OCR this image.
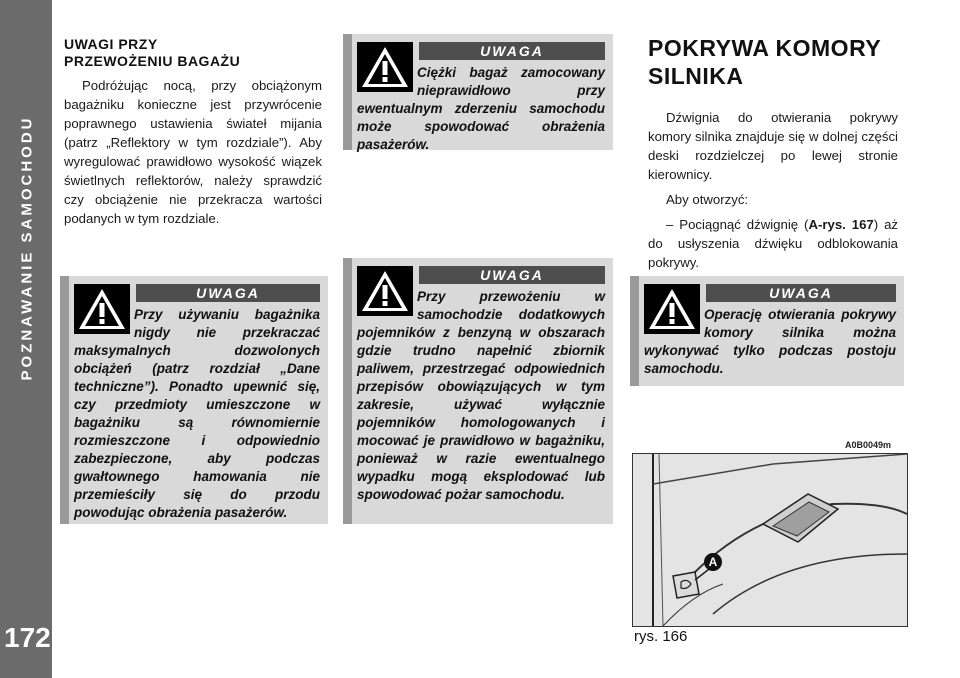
POZNAWANIE SAMOCHODU
172
UWAGI PRZY PRZEWOŻENIU BAGAŻU

Podróżując nocą, przy obciążonym bagażniku konieczne jest przywrócenie poprawnego ustawienia świateł mijania (patrz „Reflektory w tym rozdziale”). Aby wyregulować prawidłowo wysokość wiązek świetlnych reflektorów, należy sprawdzić czy obciążenie nie przekracza wartości podanych w tym rozdziale.

UWAGA
Ciężki bagaż zamocowany nieprawidłowo przy ewentualnym zderzeniu samochodu może spowodować obrażenia pasażerów.
UWAGA
Przy używaniu bagażnika nigdy nie przekraczać maksymalnych dozwolonych obciążeń (patrz rozdział „Dane techniczne”). Ponadto upewnić się, czy przedmioty umieszczone w bagażniku są równomiernie rozmieszczone i odpowiednio zabezpieczone, aby podczas gwałtownego hamowania nie przemieściły się do przodu powodując obrażenia pasażerów.
UWAGA
Przy przewożeniu w samochodzie dodatkowych pojemników z benzyną w obszarach gdzie trudno napełnić zbiornik paliwem, przestrzegać odpowiednich przepisów obowiązujących w tym zakresie, używać wyłącznie pojemników homologowanych i mocować je prawidłowo w bagażniku, ponieważ w razie ewentualnego wypadku mogą eksplodować lub spowodować pożar samochodu.
POKRYWA KOMORY SILNIKA

Dźwignia do otwierania pokrywy komory silnika znajduje się w dolnej części deski rozdzielczej po lewej stronie kierownicy.

Aby otworzyć:

– Pociągnąć dźwignię (A-rys. 167) aż do usłyszenia dźwięku odblokowania pokrywy.

UWAGA
Operację otwierania pokrywy komory silnika można wykonywać tylko podczas postoju samochodu.
A0B0049m
A
rys. 166
